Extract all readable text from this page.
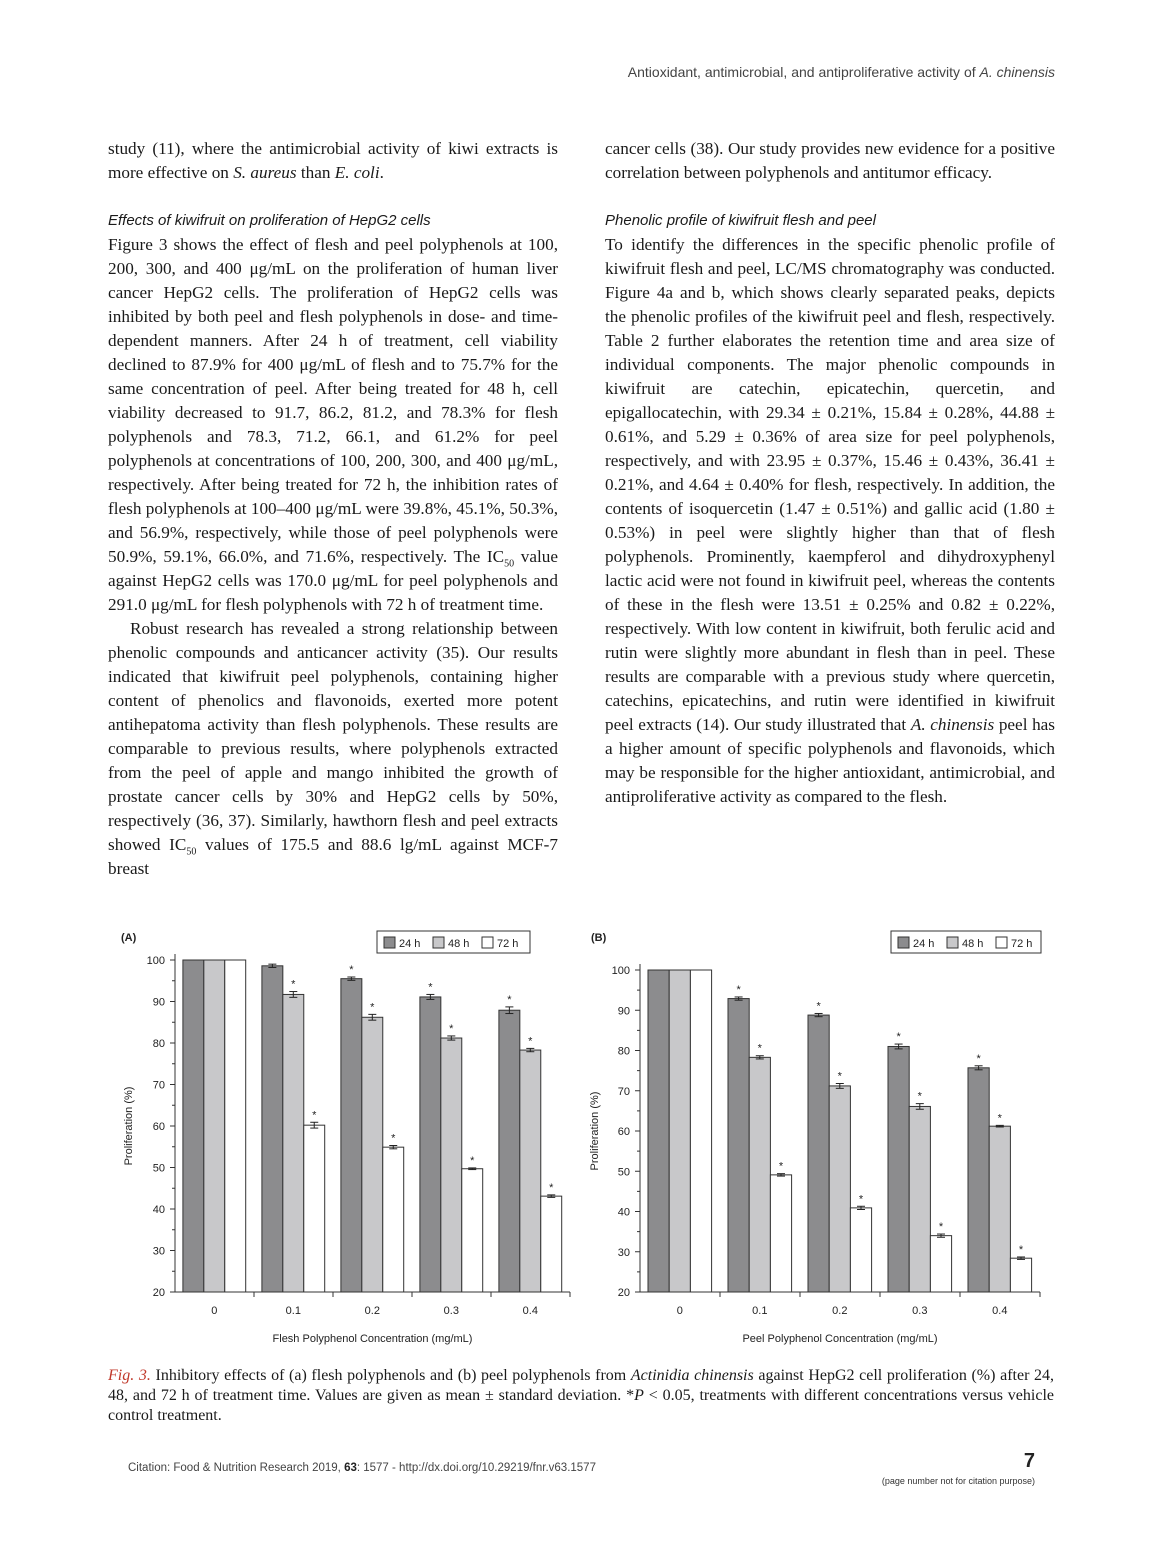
Antioxidant, antimicrobial, and antiproliferative activity of A. chinensis

study (11), where the antimicrobial activity of kiwi extracts is more effective on S. aureus than E. coli.

Effects of kiwifruit on proliferation of HepG2 cells

Figure 3 shows the effect of flesh and peel polyphenols at 100, 200, 300, and 400 μg/mL on the proliferation of human liver cancer HepG2 cells. The proliferation of HepG2 cells was inhibited by both peel and flesh polyphenols in dose- and time-dependent manners. After 24 h of treatment, cell viability declined to 87.9% for 400 μg/mL of flesh and to 75.7% for the same concentration of peel. After being treated for 48 h, cell viability decreased to 91.7, 86.2, 81.2, and 78.3% for flesh polyphenols and 78.3, 71.2, 66.1, and 61.2% for peel polyphenols at concentrations of 100, 200, 300, and 400 μg/mL, respectively. After being treated for 72 h, the inhibition rates of flesh polyphenols at 100–400 μg/mL were 39.8%, 45.1%, 50.3%, and 56.9%, respectively, while those of peel polyphenols were 50.9%, 59.1%, 66.0%, and 71.6%, respectively. The $IC_{50}$ value against HepG2 cells was 170.0 μg/mL for peel polyphenols and 291.0 μg/mL for flesh polyphenols with 72 h of treatment time.

Robust research has revealed a strong relationship between phenolic compounds and anticancer activity (35). Our results indicated that kiwifruit peel polyphenols, containing higher content of phenolics and flavonoids, exerted more potent antihepatoma activity than flesh polyphenols. These results are comparable to previous results, where polyphenols extracted from the peel of apple and mango inhibited the growth of prostate cancer cells by 30% and HepG2 cells by 50%, respectively (36, 37). Similarly, hawthorn flesh and peel extracts showed $IC_{50}$ values of 175.5 and 88.6 lg/mL against MCF-7 breast

cancer cells (38). Our study provides new evidence for a positive correlation between polyphenols and antitumor efficacy.

Phenolic profile of kiwifruit flesh and peel

To identify the differences in the specific phenolic profile of kiwifruit flesh and peel, LC/MS chromatography was conducted. Figure 4a and b, which shows clearly separated peaks, depicts the phenolic profiles of the kiwifruit peel and flesh, respectively. Table 2 further elaborates the retention time and area size of individual components. The major phenolic compounds in kiwifruit are catechin, epicatechin, quercetin, and epigallocatechin, with 29.34 ± 0.21%, 15.84 ± 0.28%, 44.88 ± 0.61%, and 5.29 ± 0.36% of area size for peel polyphenols, respectively, and with 23.95 ± 0.37%, 15.46 ± 0.43%, 36.41 ± 0.21%, and 4.64 ± 0.40% for flesh, respectively. In addition, the contents of isoquercetin (1.47 ± 0.51%) and gallic acid (1.80 ± 0.53%) in peel were slightly higher than that of flesh polyphenols. Prominently, kaempferol and dihydroxyphenyl lactic acid were not found in kiwifruit peel, whereas the contents of these in the flesh were 13.51 ± 0.25% and 0.82 ± 0.22%, respectively. With low content in kiwifruit, both ferulic acid and rutin were slightly more abundant in flesh than in peel. These results are comparable with a previous study where quercetin, catechins, epicatechins, and rutin were identified in kiwifruit peel extracts (14). Our study illustrated that A. chinensis peel has a higher amount of specific polyphenols and flavonoids, which may be responsible for the higher antioxidant, antimicrobial, and antiproliferative activity as compared to the flesh.

(A)
20
30
40
50
60
70
80
90
100
Proliferation (%)
0
*
*
0.1
*
*
*
0.2
*
*
*
0.3
*
*
*
0.4
Flesh Polyphenol Concentration (mg/mL)
24 h	48 h	72 h	(B)
20
30
40
50
60
70
80
90
100
Proliferation (%)
0
*
*
*
0.1
*
*
*
0.2
*
*
*
0.3
*
*
*
0.4
Peel Polyphenol Concentration (mg/mL)
24 h	48 h	72 h
Fig. 3. Inhibitory effects of (a) flesh polyphenols and (b) peel polyphenols from Actinidia chinensis against HepG2 cell proliferation (%) after 24, 48, and 72 h of treatment time. Values are given as mean ± standard deviation. *P < 0.05, treatments with different concentrations versus vehicle control treatment.
Citation: Food & Nutrition Research 2019, 63: 1577 - http://dx.doi.org/10.29219/fnr.v63.1577	7
(page number not for citation purpose)
